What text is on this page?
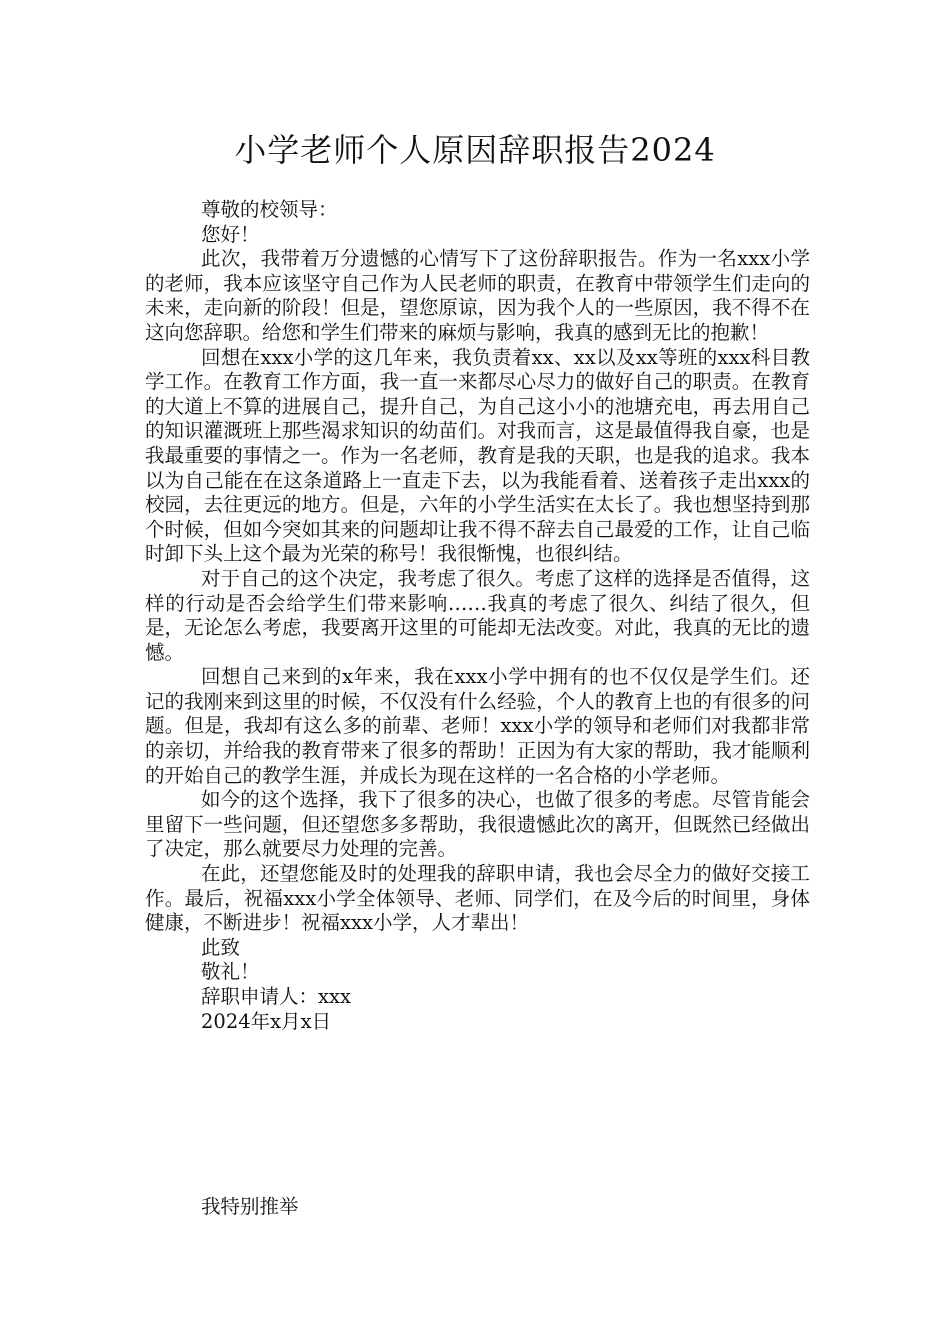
小学老师个人原因辞职报告2024

尊敬的校领导：

您好！

此次，我带着万分遗憾的心情写下了这份辞职报告。作为一名xxx小学的老师，我本应该坚守自己作为人民老师的职责，在教育中带领学生们走向的未来，走向新的阶段！但是，望您原谅，因为我个人的一些原因，我不得不在这向您辞职。给您和学生们带来的麻烦与影响，我真的感到无比的抱歉！

回想在xxx小学的这几年来，我负责着xx、xx以及xx等班的xxx科目教学工作。在教育工作方面，我一直一来都尽心尽力的做好自己的职责。在教育的大道上不算的进展自己，提升自己，为自己这小小的池塘充电，再去用自己的知识灌溉班上那些渴求知识的幼苗们。对我而言，这是最值得我自豪，也是我最重要的事情之一。作为一名老师，教育是我的天职，也是我的追求。我本以为自己能在在这条道路上一直走下去，以为我能看着、送着孩子走出xxx的校园，去往更远的地方。但是，六年的小学生活实在太长了。我也想坚持到那个时候，但如今突如其来的问题却让我不得不辞去自己最爱的工作，让自己临时卸下头上这个最为光荣的称号！我很惭愧，也很纠结。

对于自己的这个决定，我考虑了很久。考虑了这样的选择是否值得，这样的行动是否会给学生们带来影响……我真的考虑了很久、纠结了很久，但是，无论怎么考虑，我要离开这里的可能却无法改变。对此，我真的无比的遗憾。

回想自己来到的x年来，我在xxx小学中拥有的也不仅仅是学生们。还记的我刚来到这里的时候，不仅没有什么经验，个人的教育上也的有很多的问题。但是，我却有这么多的前辈、老师！xxx小学的领导和老师们对我都非常的亲切，并给我的教育带来了很多的帮助！正因为有大家的帮助，我才能顺利的开始自己的教学生涯，并成长为现在这样的一名合格的小学老师。

如今的这个选择，我下了很多的决心，也做了很多的考虑。尽管肯能会里留下一些问题，但还望您多多帮助，我很遗憾此次的离开，但既然已经做出了决定，那么就要尽力处理的完善。

在此，还望您能及时的处理我的辞职申请，我也会尽全力的做好交接工作。最后，祝福xxx小学全体领导、老师、同学们，在及今后的时间里，身体健康，不断进步！祝福xxx小学，人才辈出！

此致

敬礼！

辞职申请人：xxx

2024年x月x日

我特别推举
